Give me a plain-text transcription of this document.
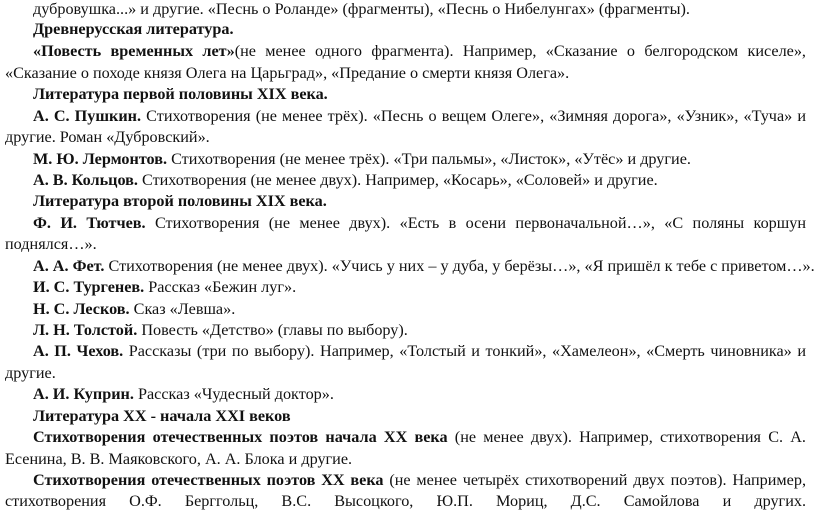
дубровушка...» и другие. «Песнь о Роланде» (фрагменты), «Песнь о Нибелунгах» (фрагменты).
Древнерусская литература.
«Повесть временных лет»(не менее одного фрагмента). Например, «Сказание о белгородском киселе»,
«Сказание о походе князя Олега на Царьград», «Предание о смерти князя Олега».
Литература первой половины XIX века.
А. С. Пушкин. Стихотворения (не менее трёх). «Песнь о вещем Олеге», «Зимняя дорога», «Узник», «Туча» и
другие. Роман «Дубровский».
М. Ю. Лермонтов. Стихотворения (не менее трёх). «Три пальмы», «Листок», «Утёс» и другие.
А. В. Кольцов. Стихотворения (не менее двух). Например, «Косарь», «Соловей» и другие.
Литература второй половины XIX века.
Ф. И. Тютчев. Стихотворения (не менее двух). «Есть в осени первоначальной…», «С поляны коршун
поднялся…».
А. А. Фет. Стихотворения (не менее двух). «Учись у них – у дуба, у берёзы…», «Я пришёл к тебе с приветом…».
И. С. Тургенев. Рассказ «Бежин луг».
Н. С. Лесков. Сказ «Левша».
Л. Н. Толстой. Повесть «Детство» (главы по выбору).
А. П. Чехов. Рассказы (три по выбору). Например, «Толстый и тонкий», «Хамелеон», «Смерть чиновника» и
другие.
А. И. Куприн. Рассказ «Чудесный доктор».
Литература XX - начала XXI веков
Стихотворения отечественных поэтов начала XX века (не менее двух). Например, стихотворения С. А.
Есенина, В. В. Маяковского, А. А. Блока и другие.
Стихотворения отечественных поэтов XX века (не менее четырёх стихотворений двух поэтов). Например,
стихотворения О.Ф. Берггольц, В.С. Высоцкого, Ю.П. Мориц, Д.С. Самойлова и других.
